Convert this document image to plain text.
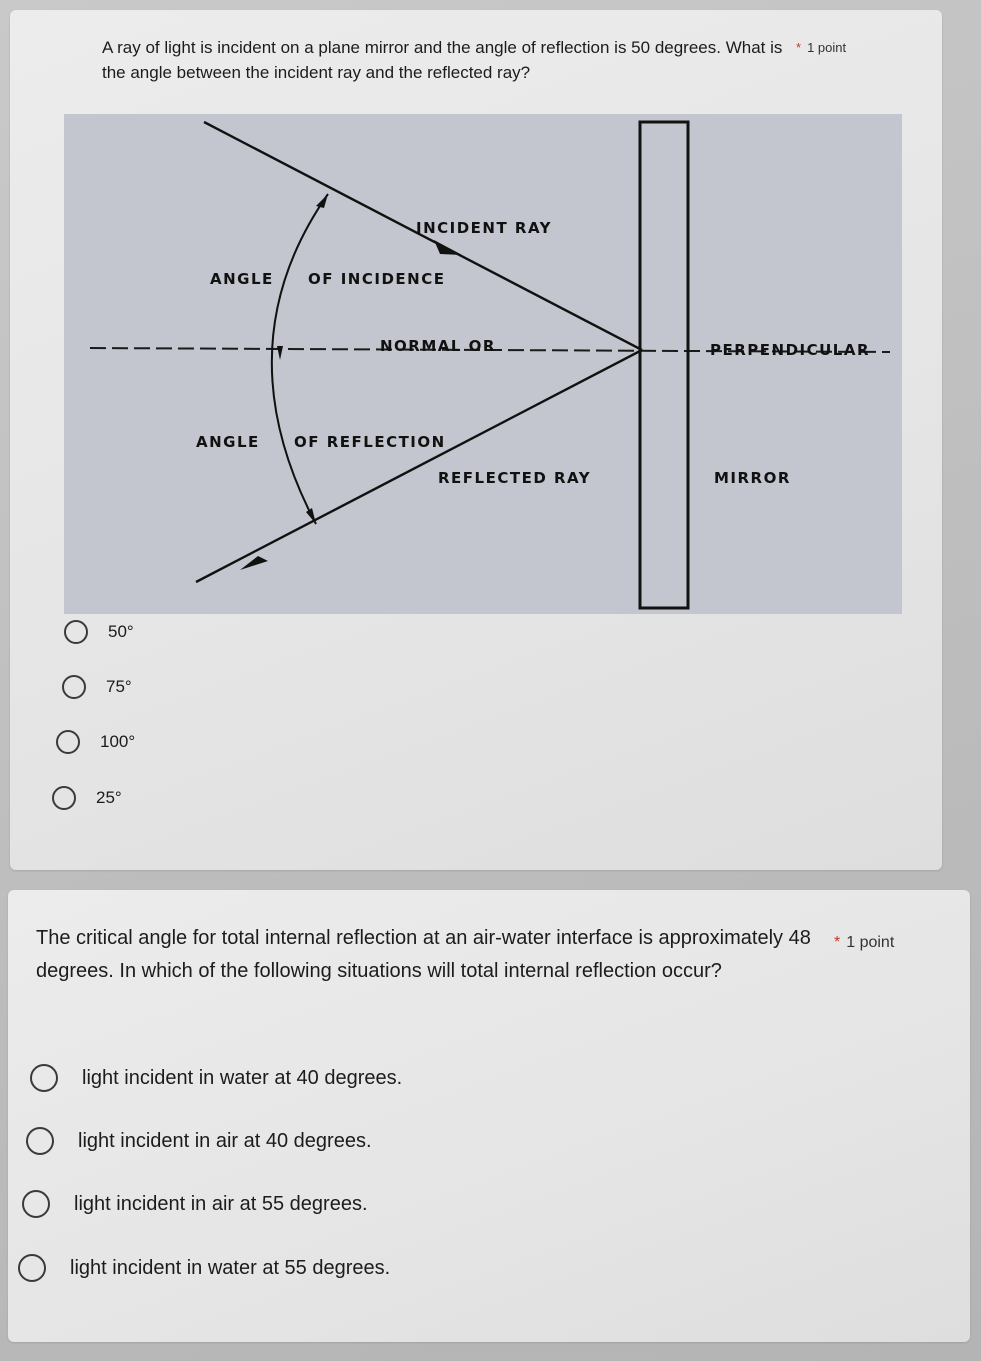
A ray of light is incident on a plane mirror and the angle of reflection is 50 degrees. What is the angle between the incident ray and the reflected ray?
* 1 point
INCIDENT RAY
ANGLE OF INCIDENCE
NORMAL OR	PERPENDICULAR
ANGLE OF REFLECTION
REFLECTED RAY	MIRROR
50°
75°
100°
25°
The critical angle for total internal reflection at an air-water interface is approximately 48 degrees. In which of the following situations will total internal reflection occur?
* 1 point
light incident in water at 40 degrees.
light incident in air at 40 degrees.
light incident in air at 55 degrees.
light incident in water at 55 degrees.
